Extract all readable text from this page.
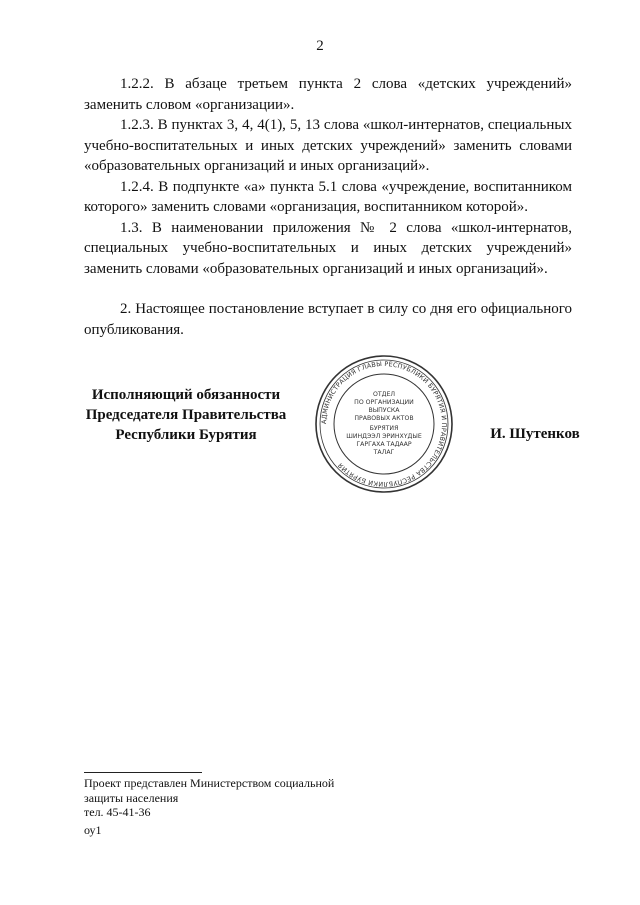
2

1.2.2. В абзаце третьем пункта 2 слова «детских учреждений» заменить словом «организации».

1.2.3. В пунктах 3, 4, 4(1), 5, 13 слова «школ-интернатов, специальных учебно-воспитательных и иных детских учреждений» заменить словами «образовательных организаций и иных организаций».

1.2.4. В подпункте «а» пункта 5.1 слова «учреждение, воспитанником которого» заменить словами «организация, воспитанником которой».

1.3. В наименовании приложения № 2 слова «школ-интернатов, специальных учебно-воспитательных и иных детских учреждений» заменить словами «образовательных организаций и иных организаций».

2. Настоящее постановление вступает в силу со дня его официального опубликования.

Исполняющий обязанности
Председателя Правительства
Республики Бурятия
АДМИНИСТРАЦИЯ ГЛАВЫ РЕСПУБЛИКИ БУРЯТИЯ И ПРАВИТЕЛЬСТВА РЕСПУБЛИКИ БУРЯТИЯ
ОТДЕЛ
ПО ОРГАНИЗАЦИИ
ВЫПУСКА
ПРАВОВЫХ АКТОВ
БУРЯТИЯ
ШИНДЭЭЛ ЭРИНХҮДЫЕ
ГАРГАХА ТАДААР
ТАЛАГ
И. Шутенков
Проект представлен Министерством социальной
защиты населения
тел. 45-41-36
оу1
